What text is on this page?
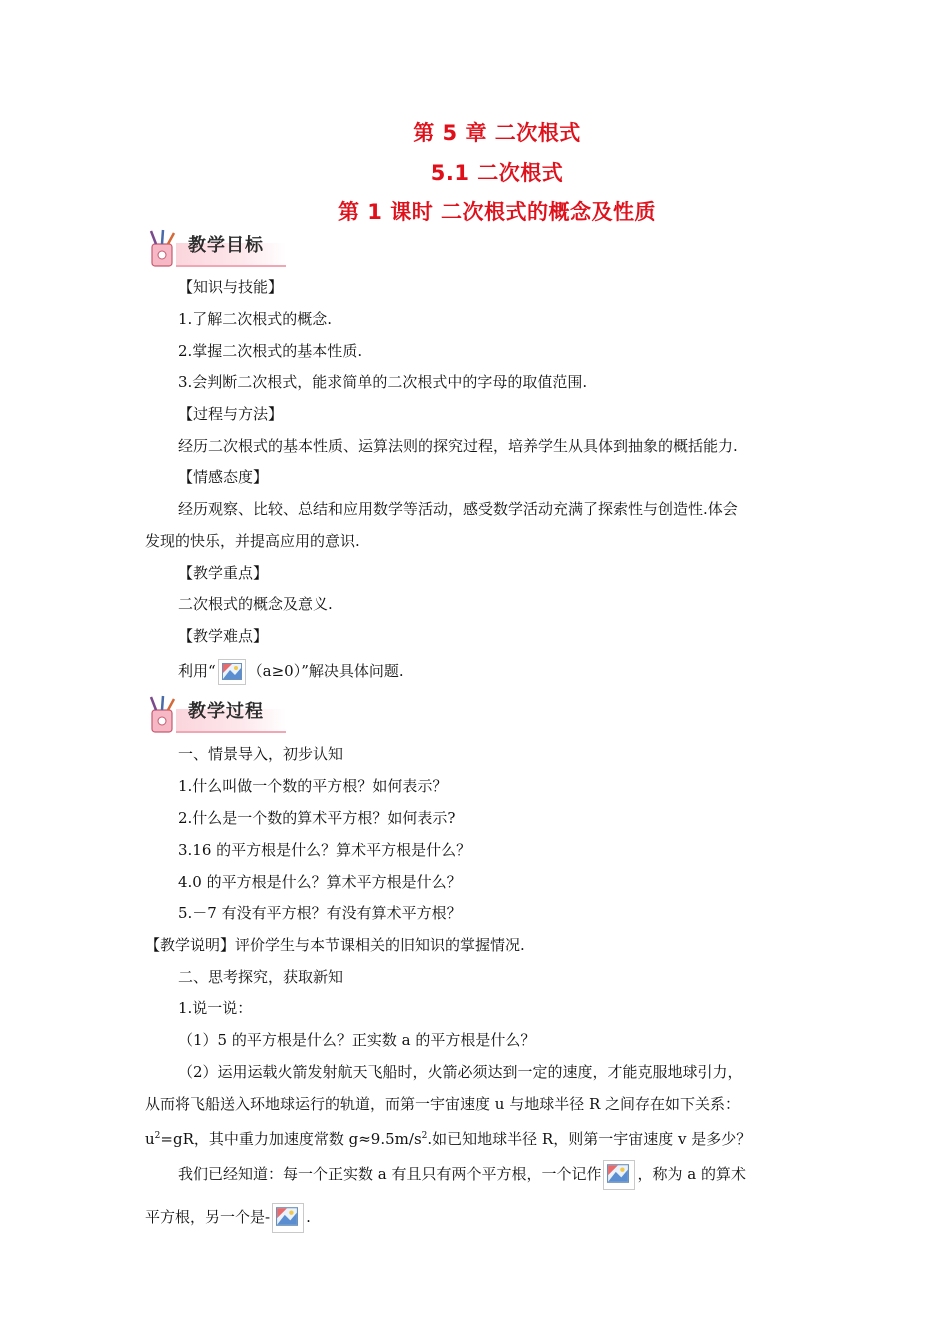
第 5 章 二次根式
5.1 二次根式
第 1 课时 二次根式的概念及性质
教学目标
【知识与技能】
1.了解二次根式的概念.
2.掌握二次根式的基本性质.
3.会判断二次根式，能求简单的二次根式中的字母的取值范围.
【过程与方法】
经历二次根式的基本性质、运算法则的探究过程，培养学生从具体到抽象的概括能力.
【情感态度】
经历观察、比较、总结和应用数学等活动，感受数学活动充满了探索性与创造性.体会
发现的快乐，并提高应用的意识.
【教学重点】
二次根式的概念及意义.
【教学难点】
利用“ （a≥0）”解决具体问题.
教学过程
一、情景导入，初步认知
1.什么叫做一个数的平方根？如何表示？
2.什么是一个数的算术平方根？如何表示?
3.16 的平方根是什么？算术平方根是什么？
4.0 的平方根是什么？算术平方根是什么？
5.－7 有没有平方根？有没有算术平方根？
【教学说明】评价学生与本节课相关的旧知识的掌握情况.
二、思考探究，获取新知
1.说一说：
（1）5 的平方根是什么？正实数 a 的平方根是什么？
（2）运用运载火箭发射航天飞船时，火箭必须达到一定的速度，才能克服地球引力，
从而将飞船送入环地球运行的轨道，而第一宇宙速度 u 与地球半径 R 之间存在如下关系：
$u^2=gR$，其中重力加速度常数 $g\approx 9.5m/s^2$.如已知地球半径 R，则第一宇宙速度 v 是多少？
我们已经知道：每一个正实数 a 有且只有两个平方根，一个记作 ，称为 a 的算术
平方根，另一个是- .
